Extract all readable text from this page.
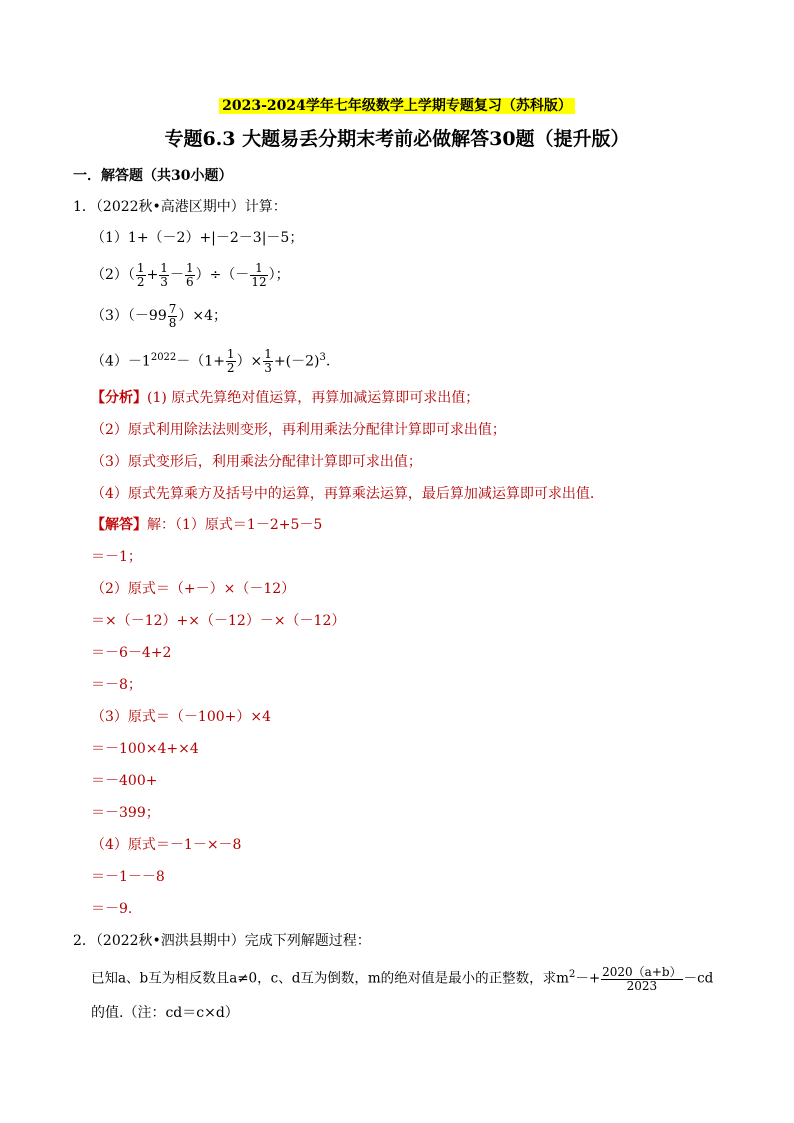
2023-2024学年七年级数学上学期专题复习（苏科版）
专题6.3 大题易丢分期末考前必做解答30题（提升版）
一．解答题（共30小题）
1．（2022秋•高港区期中）计算：
（1）1+（－2）+|－2－3|－5；
$(2)( \frac{1}{2} + \frac{1}{3} - \frac{1}{6}$ ）÷（－ $\frac{1}{12}$ ）；
$(3)(-99 \frac{7}{8} )\times 4$；
$(4)-1^{2022}-(1+ \frac{1}{2}$ ）× $\frac{1}{3} +(-2)^3$.
【分析】(1) 原式先算绝对值运算，再算加减运算即可求出值；
（2）原式利用除法法则变形，再利用乘法分配律计算即可求出值；
（3）原式变形后，利用乘法分配律计算即可求出值；
（4）原式先算乘方及括号中的运算，再算乘法运算，最后算加减运算即可求出值.
【解答】解：（1）原式＝1－2+5－5
＝－1；
（2）原式＝（+－）×（－12）
＝×（－12）+×（－12）－×（－12）
＝－6－4+2
＝－8；
（3）原式＝（－100+）×4
＝－100×4+×4
＝－400+
＝－399；
（4）原式＝－1－×－8
＝－1－－8
＝－9.
2．（2022秋•泗洪县期中）完成下列解题过程：
已知a、b互为相反数且a≠0，c、d互为倒数，m的绝对值是最小的正整数，求$m^2-+ \frac{2020(a+b)}{2023} -cd$
的值.（注：cd＝c×d）
